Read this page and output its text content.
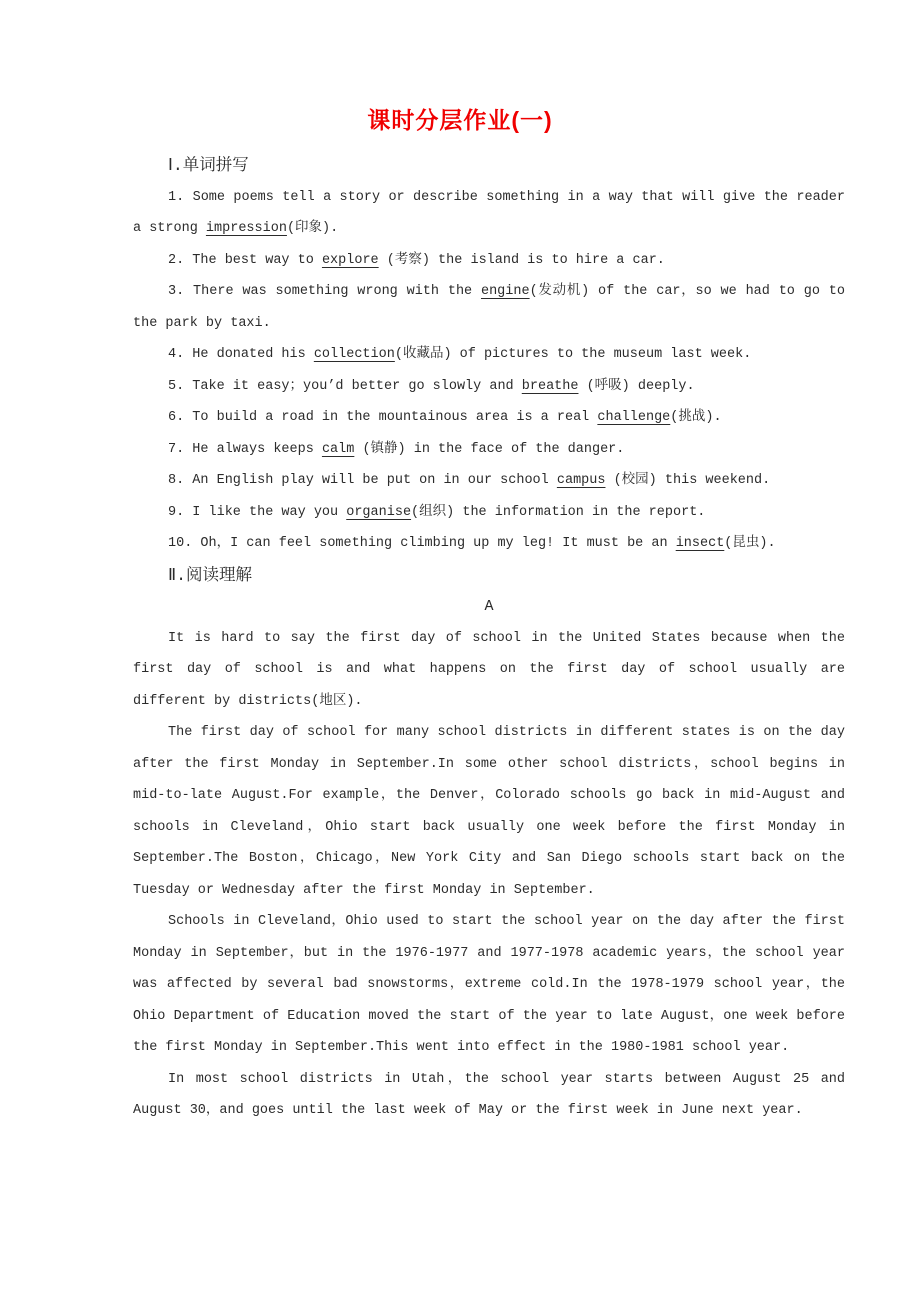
课时分层作业(一)

Ⅰ.单词拼写

1. Some poems tell a story or describe something in a way that will give the reader a strong impression(印象).

2. The best way to explore (考察) the island is to hire a car.

3. There was something wrong with the engine(发动机) of the car，so we had to go to the park by taxi.

4. He donated his collection(收藏品) of pictures to the museum last week.

5. Take it easy；you’d better go slowly and breathe (呼吸) deeply.

6. To build a road in the mountainous area is a real challenge(挑战).

7. He always keeps calm (镇静) in the face of the danger.

8. An English play will be put on in our school campus (校园) this weekend.

9. I like the way you organise(组织) the information in the report.

10. Oh，I can feel something climbing up my leg! It must be an insect(昆虫).

Ⅱ.阅读理解

A

It is hard to say the first day of school in the United States because when the first day of school is and what happens on the first day of school usually are different by districts(地区).

The first day of school for many school districts in different states is on the day after the first Monday in September.In some other school districts，school begins in mid-to-late August.For example，the Denver，Colorado schools go back in mid-August and schools in Cleveland，Ohio start back usually one week before the first Monday in September.The Boston，Chicago，New York City and San Diego schools start back on the Tuesday or Wednesday after the first Monday in September.

Schools in Cleveland，Ohio used to start the school year on the day after the first Monday in September，but in the 1976-1977 and 1977-1978 academic years，the school year was affected by several bad snowstorms，extreme cold.In the 1978-1979 school year，the Ohio Department of Education moved the start of the year to late August，one week before the first Monday in September.This went into effect in the 1980-1981 school year.

In most school districts in Utah，the school year starts between August 25 and August 30，and goes until the last week of May or the first week in June next year.
